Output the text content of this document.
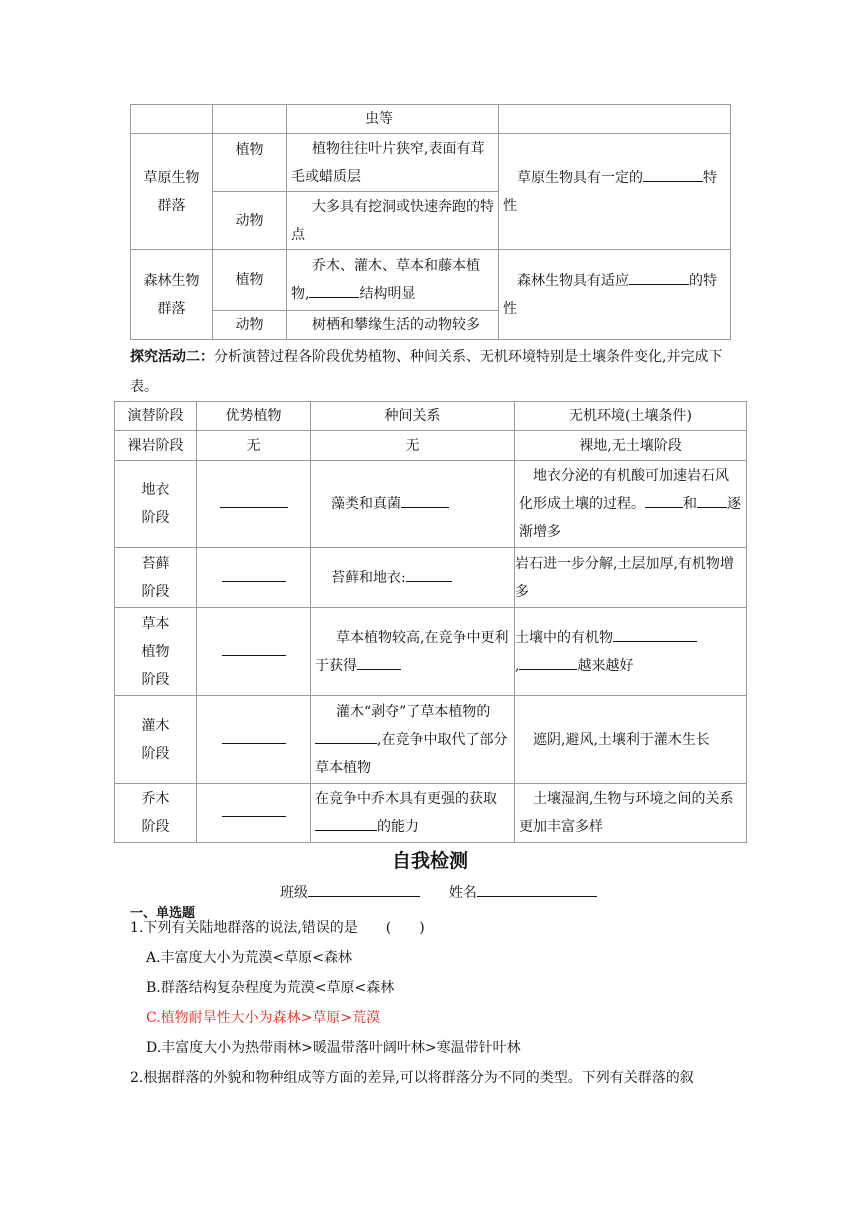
		虫等	
草原生物群落	植物	植物往往叶片狭窄,表面有茸毛或蜡质层	草原生物具有一定的 特性
	动物	大多具有挖洞或快速奔跑的特点	
森林生物群落	植物	乔木、灌木、草本和藤本植物, 结构明显	森林生物具有适应 的特性
	动物	树栖和攀缘生活的动物较多	
探究活动二：分析演替过程各阶段优势植物、种间关系、无机环境特别是土壤条件变化,并完成下表。
演替阶段	优势植物	种间关系	无机环境(土壤条件)
裸岩阶段	无	无	裸地,无土壤阶段
地衣阶段		藻类和真菌	地衣分泌的有机酸可加速岩石风化形成土壤的过程。 和 逐渐增多
苔藓阶段		苔藓和地衣:	岩石进一步分解,土层加厚,有机物增多
草本植物阶段		草本植物较高,在竞争中更利于获得	土壤中的有机物
, 越来越好
灌木阶段		灌木“剥夺”了草本植物的,在竞争中取代了部分草本植物	遮阴,避风,土壤利于灌木生长
乔木阶段		在竞争中乔木具有更强的获取的能力	土壤湿润,生物与环境之间的关系更加丰富多样
自我检测
班级	姓名
一、单选题
1.下列有关陆地群落的说法,错误的是　　(　　)
A.丰富度大小为荒漠<草原<森林
B.群落结构复杂程度为荒漠<草原<森林
C.植物耐旱性大小为森林>草原>荒漠
D.丰富度大小为热带雨林>暖温带落叶阔叶林>寒温带针叶林
2.根据群落的外貌和物种组成等方面的差异,可以将群落分为不同的类型。下列有关群落的叙
